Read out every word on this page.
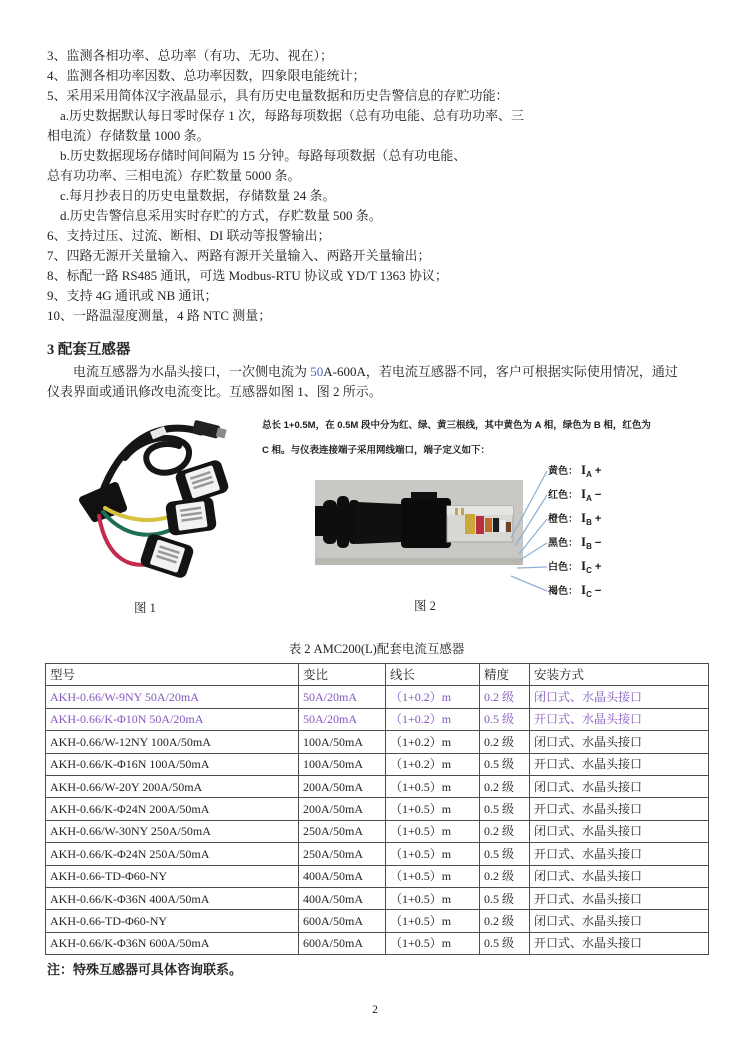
3、监测各相功率、总功率（有功、无功、视在）；
4、监测各相功率因数、总功率因数，四象限电能统计；
5、采用采用简体汉字液晶显示，具有历史电量数据和历史告警信息的存贮功能：
a.历史数据默认每日零时保存 1 次，每路每项数据（总有功电能、总有功功率、三
相电流）存储数量 1000 条。
b.历史数据现场存储时间间隔为 15 分钟。每路每项数据（总有功电能、
总有功功率、三相电流）存贮数量 5000 条。
c.每月抄表日的历史电量数据，存储数量 24 条。
d.历史告警信息采用实时存贮的方式，存贮数量 500 条。
6、支持过压、过流、断相、DI 联动等报警输出；
7、四路无源开关量输入、两路有源开关量输入、两路开关量输出；
8、标配一路 RS485 通讯，可选 Modbus-RTU 协议或 YD/T 1363 协议；
9、支持 4G 通讯或 NB 通讯；
10、一路温湿度测量，4 路 NTC 测量；
3 配套互感器
电流互感器为水晶头接口，一次侧电流为 50A-600A，若电流互感器不同，客户可根据实际使用情况，通过
仪表界面或通讯修改电流变比。互感器如图 1、图 2 所示。
图 1
总长 1+0.5M，在 0.5M 段中分为红、绿、黄三根线，其中黄色为 A 相，绿色为 B 相，红色为
C 相。与仪表连接端子采用网线端口，端子定义如下：
黄色： $I_A$ +
红色： $I_A$ −
橙色： $I_B$ +
黑色： $I_B$ −
白色： $I_C$ +
褐色： $I_C$ −
图 2
表 2 AMC200(L)配套电流互感器
型号	变比	线长	精度	安装方式
AKH-0.66/W-9NY 50A/20mA	50A/20mA	（1+0.2）m	0.2 级	闭口式、水晶头接口
AKH-0.66/K-Φ10N 50A/20mA	50A/20mA	（1+0.2）m	0.5 级	开口式、水晶头接口
AKH-0.66/W-12NY 100A/50mA	100A/50mA	（1+0.2）m	0.2 级	闭口式、水晶头接口
AKH-0.66/K-Φ16N 100A/50mA	100A/50mA	（1+0.2）m	0.5 级	开口式、水晶头接口
AKH-0.66/W-20Y 200A/50mA	200A/50mA	（1+0.5）m	0.2 级	闭口式、水晶头接口
AKH-0.66/K-Φ24N 200A/50mA	200A/50mA	（1+0.5）m	0.5 级	开口式、水晶头接口
AKH-0.66/W-30NY 250A/50mA	250A/50mA	（1+0.5）m	0.2 级	闭口式、水晶头接口
AKH-0.66/K-Φ24N 250A/50mA	250A/50mA	（1+0.5）m	0.5 级	开口式、水晶头接口
AKH-0.66-TD-Φ60-NY	400A/50mA	（1+0.5）m	0.2 级	闭口式、水晶头接口
AKH-0.66/K-Φ36N 400A/50mA	400A/50mA	（1+0.5）m	0.5 级	开口式、水晶头接口
AKH-0.66-TD-Φ60-NY	600A/50mA	（1+0.5）m	0.2 级	闭口式、水晶头接口
AKH-0.66/K-Φ36N 600A/50mA	600A/50mA	（1+0.5）m	0.5 级	开口式、水晶头接口
注：特殊互感器可具体咨询联系。
2
